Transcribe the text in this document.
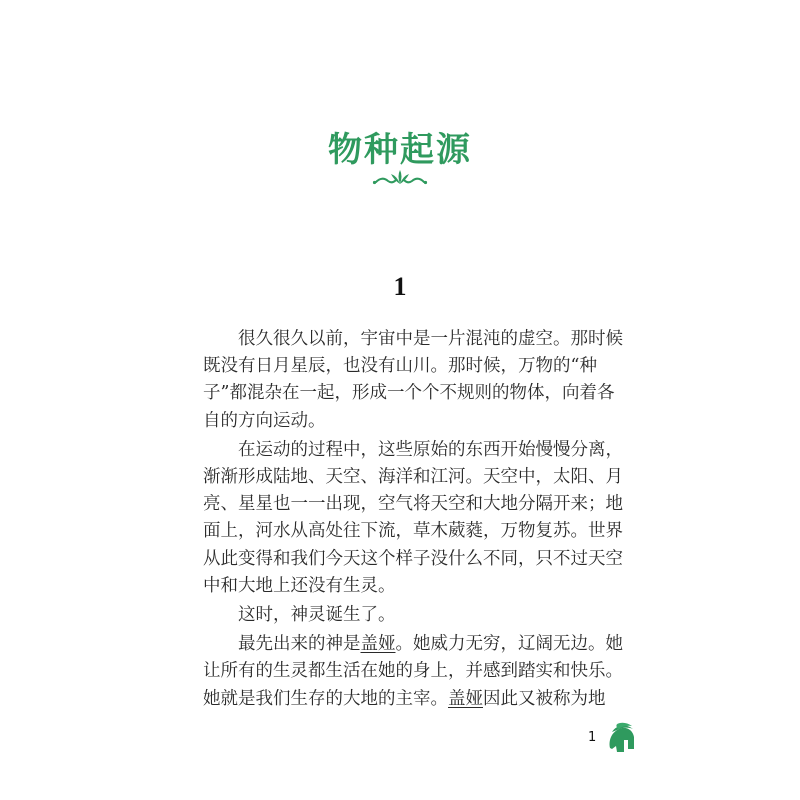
物种起源
1

很久很久以前，宇宙中是一片混沌的虚空。那时候
既没有日月星辰，也没有山川。那时候，万物的“种
子”都混杂在一起，形成一个个不规则的物体，向着各
自的方向运动。

在运动的过程中，这些原始的东西开始慢慢分离，
渐渐形成陆地、天空、海洋和江河。天空中，太阳、月
亮、星星也一一出现，空气将天空和大地分隔开来；地
面上，河水从高处往下流，草木葳蕤，万物复苏。世界
从此变得和我们今天这个样子没什么不同，只不过天空
中和大地上还没有生灵。

这时，神灵诞生了。

最先出来的神是盖娅。她威力无穷，辽阔无边。她
让所有的生灵都生活在她的身上，并感到踏实和快乐。
她就是我们生存的大地的主宰。盖娅因此又被称为地

1
